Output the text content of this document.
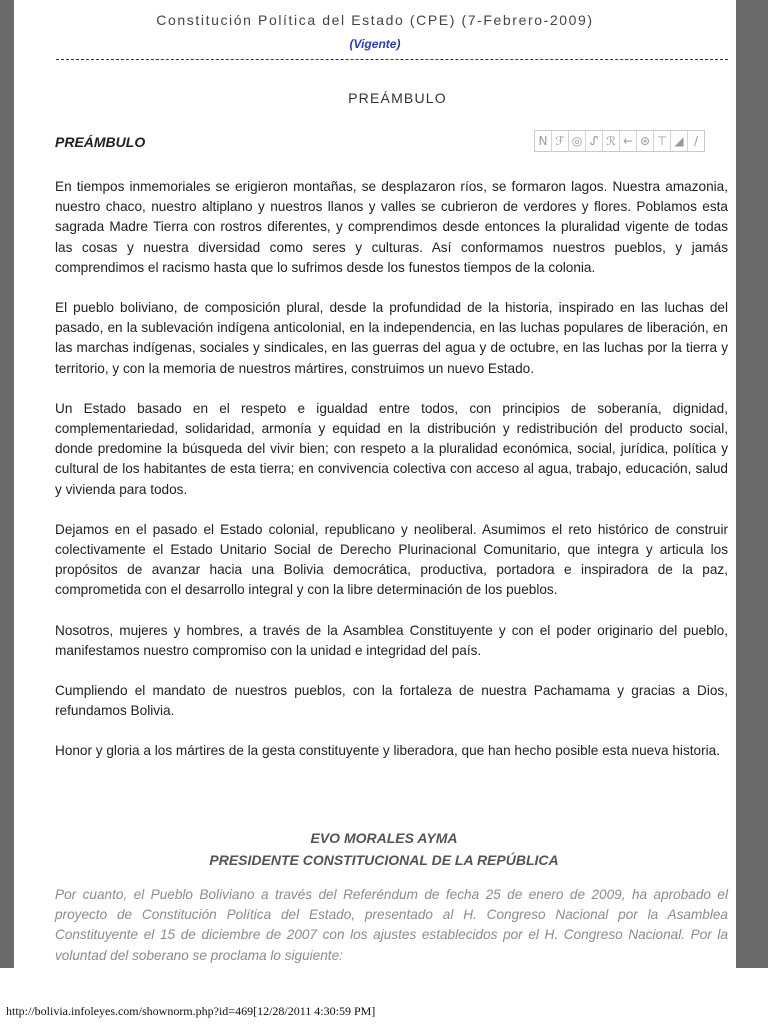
Constitución Política del Estado (CPE) (7-Febrero-2009)
(Vigente)
PREÁMBULO
PREÁMBULO	N ℱ ◎ ᔑ ℛ ← ⊛ ⊤ ◢ /

En tiempos inmemoriales se erigieron montañas, se desplazaron ríos, se formaron lagos. Nuestra amazonia, nuestro chaco, nuestro altiplano y nuestros llanos y valles se cubrieron de verdores y flores. Poblamos esta sagrada Madre Tierra con rostros diferentes, y comprendimos desde entonces la pluralidad vigente de todas las cosas y nuestra diversidad como seres y culturas. Así conformamos nuestros pueblos, y jamás comprendimos el racismo hasta que lo sufrimos desde los funestos tiempos de la colonia.

El pueblo boliviano, de composición plural, desde la profundidad de la historia, inspirado en las luchas del pasado, en la sublevación indígena anticolonial, en la independencia, en las luchas populares de liberación, en las marchas indígenas, sociales y sindicales, en las guerras del agua y de octubre, en las luchas por la tierra y territorio, y con la memoria de nuestros mártires, construimos un nuevo Estado.

Un Estado basado en el respeto e igualdad entre todos, con principios de soberanía, dignidad, complementariedad, solidaridad, armonía y equidad en la distribución y redistribución del producto social, donde predomine la búsqueda del vivir bien; con respeto a la pluralidad económica, social, jurídica, política y cultural de los habitantes de esta tierra; en convivencia colectiva con acceso al agua, trabajo, educación, salud y vivienda para todos.

Dejamos en el pasado el Estado colonial, republicano y neoliberal. Asumimos el reto histórico de construir colectivamente el Estado Unitario Social de Derecho Plurinacional Comunitario, que integra y articula los propósitos de avanzar hacia una Bolivia democrática, productiva, portadora e inspiradora de la paz, comprometida con el desarrollo integral y con la libre determinación de los pueblos.

Nosotros, mujeres y hombres, a través de la Asamblea Constituyente y con el poder originario del pueblo, manifestamos nuestro compromiso con la unidad e integridad del país.

Cumpliendo el mandato de nuestros pueblos, con la fortaleza de nuestra Pachamama y gracias a Dios, refundamos Bolivia.

Honor y gloria a los mártires de la gesta constituyente y liberadora, que han hecho posible esta nueva historia.

EVO MORALES AYMA
PRESIDENTE CONSTITUCIONAL DE LA REPÚBLICA
Por cuanto, el Pueblo Boliviano a través del Referéndum de fecha 25 de enero de 2009, ha aprobado el proyecto de Constitución Política del Estado, presentado al H. Congreso Nacional por la Asamblea Constituyente el 15 de diciembre de 2007 con los ajustes establecidos por el H. Congreso Nacional. Por la voluntad del soberano se proclama lo siguiente:
http://bolivia.infoleyes.com/shownorm.php?id=469[12/28/2011 4:30:59 PM]
